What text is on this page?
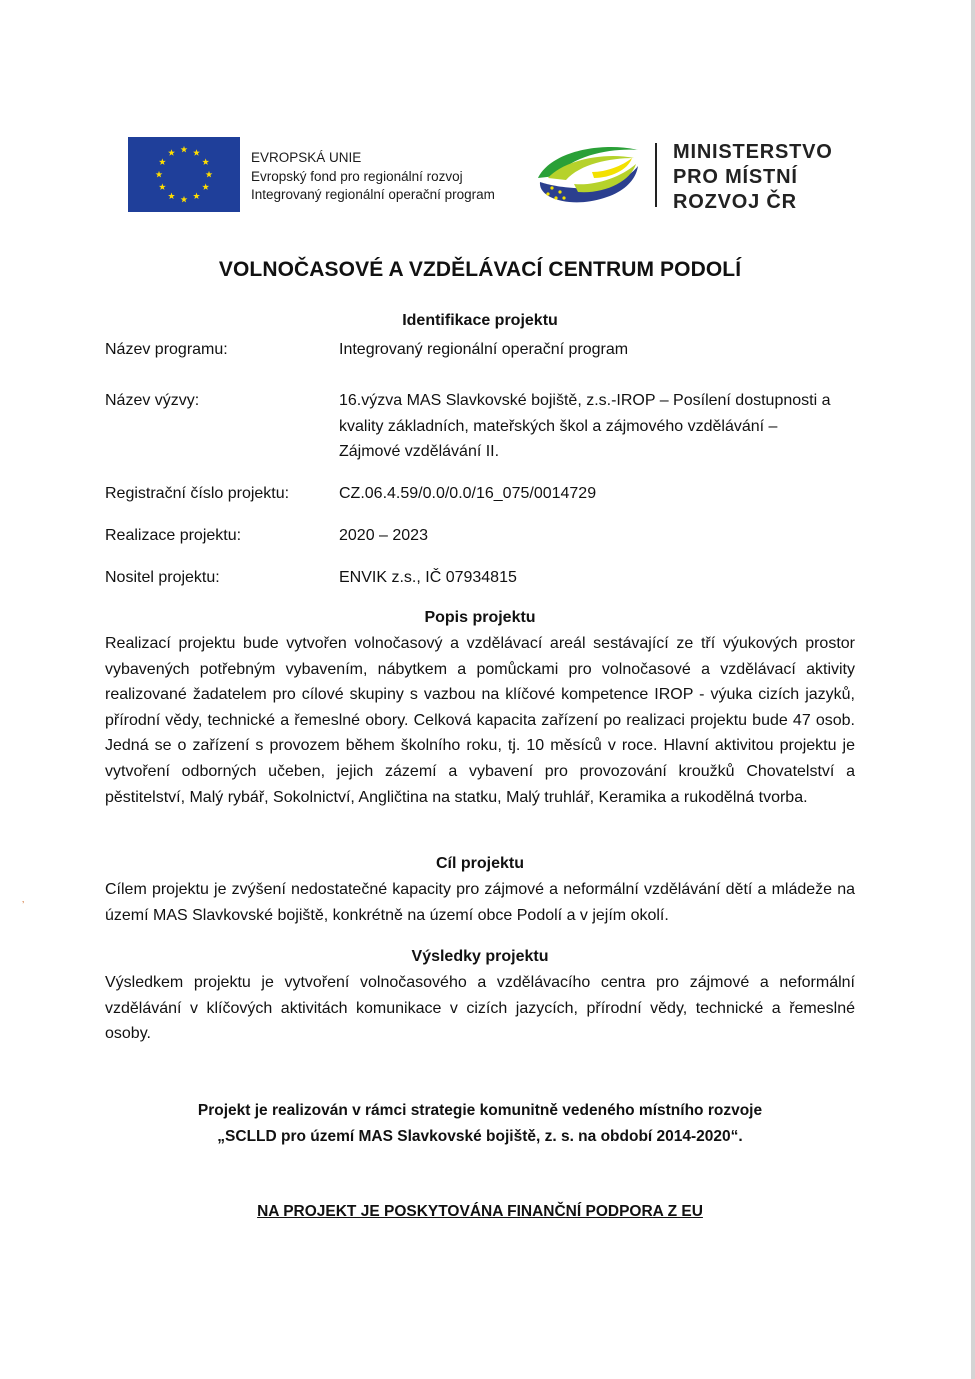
EVROPSKÁ UNIE
Evropský fond pro regionální rozvoj
Integrovaný regionální operační program
MINISTERSTVO
PRO MÍSTNÍ
ROZVOJ ČR
VOLNOČASOVÉ A VZDĚLÁVACÍ CENTRUM PODOLÍ
Identifikace projektu
Název programu:	Integrovaný regionální operační program
Název výzvy:	16.výzva MAS Slavkovské bojiště, z.s.-IROP – Posílení dostupnosti a kvality základních, mateřských škol a zájmového vzdělávání – Zájmové vzdělávání II.
Registrační číslo projektu:	CZ.06.4.59/0.0/0.0/16_075/0014729
Realizace projektu:	2020 – 2023
Nositel projektu:	ENVIK z.s., IČ 07934815
Popis projektu
Realizací projektu bude vytvořen volnočasový a vzdělávací areál sestávající ze tří výukových prostor vybavených potřebným vybavením, nábytkem a pomůckami pro volnočasové a vzdělávací aktivity realizované žadatelem pro cílové skupiny s vazbou na klíčové kompetence IROP - výuka cizích jazyků, přírodní vědy, technické a řemeslné obory. Celková kapacita zařízení po realizaci projektu bude 47 osob. Jedná se o zařízení s provozem během školního roku, tj. 10 měsíců v roce. Hlavní aktivitou projektu je vytvoření odborných učeben, jejich zázemí a vybavení pro provozování kroužků Chovatelství a pěstitelství, Malý rybář, Sokolnictví, Angličtina na statku, Malý truhlář, Keramika a rukodělná tvorba.
Cíl projektu
Cílem projektu je zvýšení nedostatečné kapacity pro zájmové a neformální vzdělávání dětí a mládeže na území MAS Slavkovské bojiště, konkrétně na území obce Podolí a v jejím okolí.
Výsledky projektu
Výsledkem projektu je vytvoření volnočasového a vzdělávacího centra pro zájmové a neformální vzdělávání v klíčových aktivitách komunikace v cizích jazycích, přírodní vědy, technické a řemeslné osoby.
Projekt je realizován v rámci strategie komunitně vedeného místního rozvoje
„SCLLD pro území MAS Slavkovské bojiště, z. s. na období 2014-2020“.
NA PROJEKT JE POSKYTOVÁNA FINANČNÍ PODPORA Z EU
’
